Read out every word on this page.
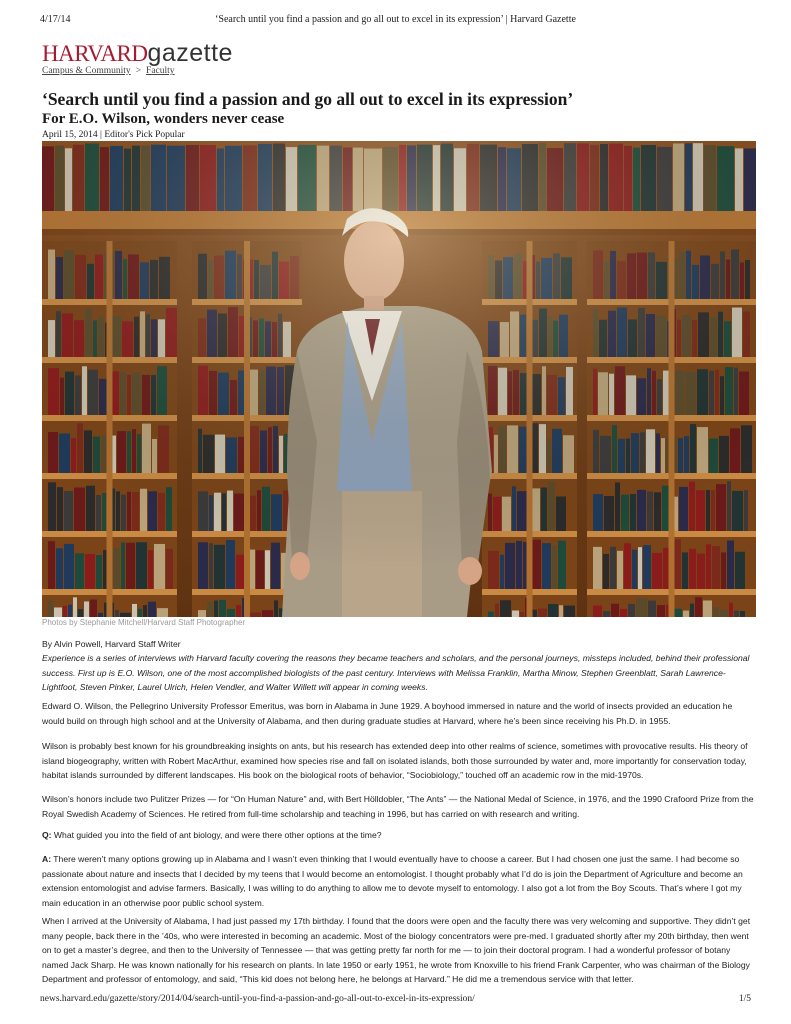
4/17/14	‘Search until you find a passion and go all out to excel in its expression’ | Harvard Gazette
HARVARDgazette
Campus & Community > Faculty
‘Search until you find a passion and go all out to excel in its expression’
For E.O. Wilson, wonders never cease
April 15, 2014 | Editor's Pick Popular
Photos by Stephanie Mitchell/Harvard Staff Photographer

By Alvin Powell, Harvard Staff Writer

Experience is a series of interviews with Harvard faculty covering the reasons they became teachers and scholars, and the personal journeys, missteps included, behind their professional success. First up is E.O. Wilson, one of the most accomplished biologists of the past century. Interviews with Melissa Franklin, Martha Minow, Stephen Greenblatt, Sarah Lawrence-Lightfoot, Steven Pinker, Laurel Ulrich, Helen Vendler, and Walter Willett will appear in coming weeks.

Edward O. Wilson, the Pellegrino University Professor Emeritus, was born in Alabama in June 1929. A boyhood immersed in nature and the world of insects provided an education he would build on through high school and at the University of Alabama, and then during graduate studies at Harvard, where he’s been since receiving his Ph.D. in 1955.

Wilson is probably best known for his groundbreaking insights on ants, but his research has extended deep into other realms of science, sometimes with provocative results. His theory of island biogeography, written with Robert MacArthur, examined how species rise and fall on isolated islands, both those surrounded by water and, more importantly for conservation today, habitat islands surrounded by different landscapes. His book on the biological roots of behavior, “Sociobiology,” touched off an academic row in the mid-1970s.

Wilson’s honors include two Pulitzer Prizes — for “On Human Nature” and, with Bert Hölldobler, “The Ants” — the National Medal of Science, in 1976, and the 1990 Crafoord Prize from the Royal Swedish Academy of Sciences. He retired from full-time scholarship and teaching in 1996, but has carried on with research and writing.

Q: What guided you into the field of ant biology, and were there other options at the time?

A: There weren’t many options growing up in Alabama and I wasn’t even thinking that I would eventually have to choose a career. But I had chosen one just the same. I had become so passionate about nature and insects that I decided by my teens that I would become an entomologist. I thought probably what I’d do is join the Department of Agriculture and become an extension entomologist and advise farmers. Basically, I was willing to do anything to allow me to devote myself to entomology. I also got a lot from the Boy Scouts. That’s where I got my main education in an otherwise poor public school system.

When I arrived at the University of Alabama, I had just passed my 17th birthday. I found that the doors were open and the faculty there was very welcoming and supportive. They didn’t get many people, back there in the ’40s, who were interested in becoming an academic. Most of the biology concentrators were pre-med. I graduated shortly after my 20th birthday, then went on to get a master’s degree, and then to the University of Tennessee — that was getting pretty far north for me — to join their doctoral program. I had a wonderful professor of botany named Jack Sharp. He was known nationally for his research on plants. In late 1950 or early 1951, he wrote from Knoxville to his friend Frank Carpenter, who was chairman of the Biology Department and professor of entomology, and said, “This kid does not belong here, he belongs at Harvard.” He did me a tremendous service with that letter.

news.harvard.edu/gazette/story/2014/04/search-until-you-find-a-passion-and-go-all-out-to-excel-in-its-expression/	1/5
